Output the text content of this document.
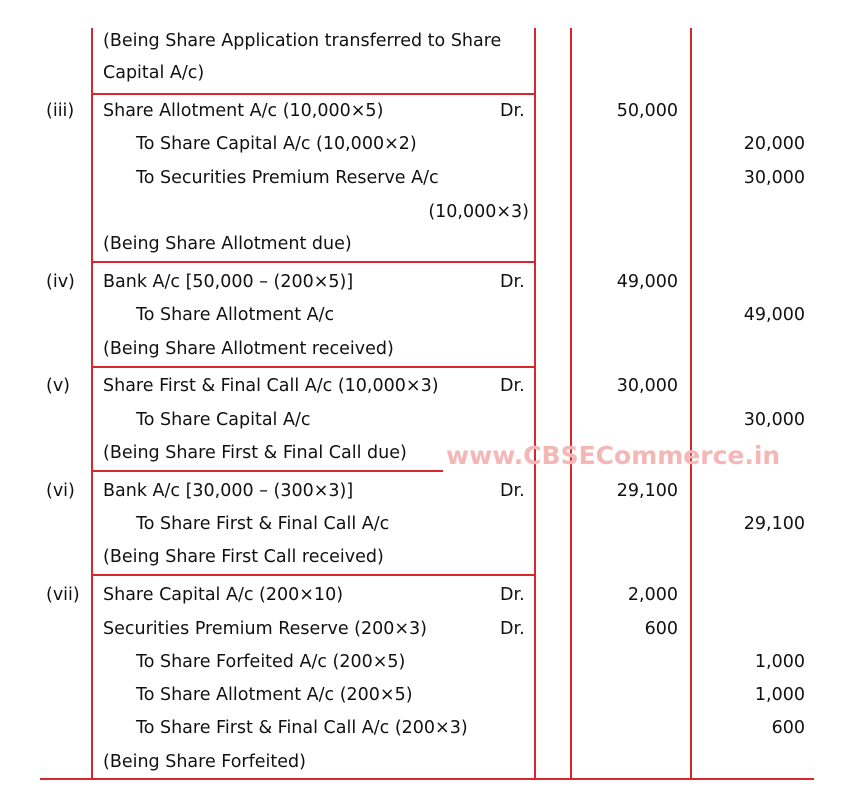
www.CBSECommerce.in
(Being Share Application transferred to Share
Capital A/c)
(iii) Share Allotment A/c (10,000×5)	Dr.	50,000
To Share Capital A/c (10,000×2)	20,000
To Securities Premium Reserve A/c	30,000
(10,000×3)
(Being Share Allotment due)
(iv) Bank A/c [50,000 – (200×5)]	Dr.	49,000
To Share Allotment A/c	49,000
(Being Share Allotment received)
(v) Share First & Final Call A/c (10,000×3)	Dr.	30,000
To Share Capital A/c	30,000
(Being Share First & Final Call due)
(vi) Bank A/c [30,000 – (300×3)]	Dr.	29,100
To Share First & Final Call A/c	29,100
(Being Share First Call received)
(vii) Share Capital A/c (200×10)	Dr.	2,000
Securities Premium Reserve (200×3)	Dr.	600
To Share Forfeited A/c (200×5)	1,000
To Share Allotment A/c (200×5)	1,000
To Share First & Final Call A/c (200×3)	600
(Being Share Forfeited)
